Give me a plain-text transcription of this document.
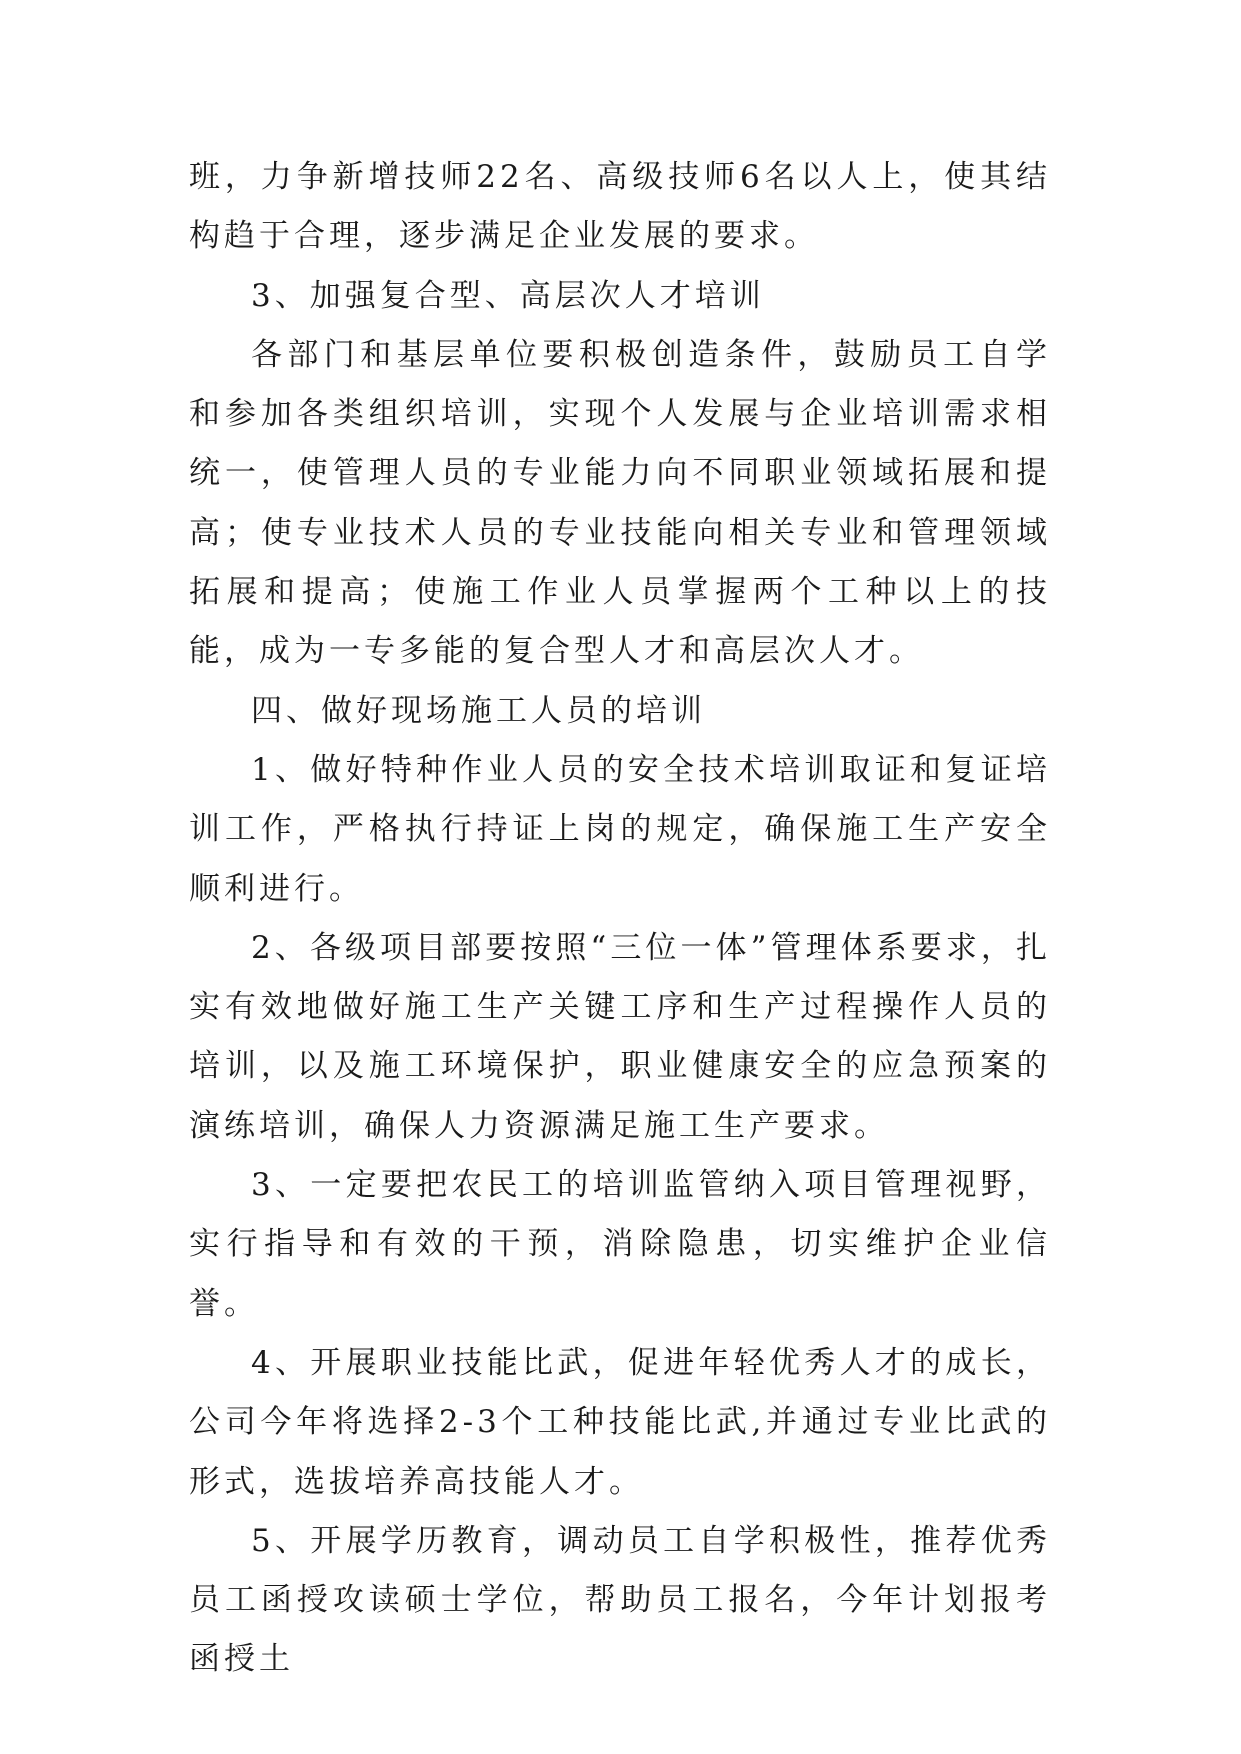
班，力争新增技师22名、高级技师6名以人上，使其结构趋于合理，逐步满足企业发展的要求。

3、加强复合型、高层次人才培训

各部门和基层单位要积极创造条件，鼓励员工自学和参加各类组织培训，实现个人发展与企业培训需求相统一，使管理人员的专业能力向不同职业领域拓展和提高；使专业技术人员的专业技能向相关专业和管理领域拓展和提高；使施工作业人员掌握两个工种以上的技能，成为一专多能的复合型人才和高层次人才。

四、做好现场施工人员的培训

1、做好特种作业人员的安全技术培训取证和复证培训工作，严格执行持证上岗的规定，确保施工生产安全顺利进行。

2、各级项目部要按照“三位一体”管理体系要求，扎实有效地做好施工生产关键工序和生产过程操作人员的培训，以及施工环境保护，职业健康安全的应急预案的演练培训，确保人力资源满足施工生产要求。

3、一定要把农民工的培训监管纳入项目管理视野，实行指导和有效的干预，消除隐患，切实维护企业信誉。

4、开展职业技能比武，促进年轻优秀人才的成长，公司今年将选择2-3个工种技能比武,并通过专业比武的形式，选拔培养高技能人才。

5、开展学历教育，调动员工自学积极性，推荐优秀员工函授攻读硕士学位，帮助员工报名，今年计划报考函授土
